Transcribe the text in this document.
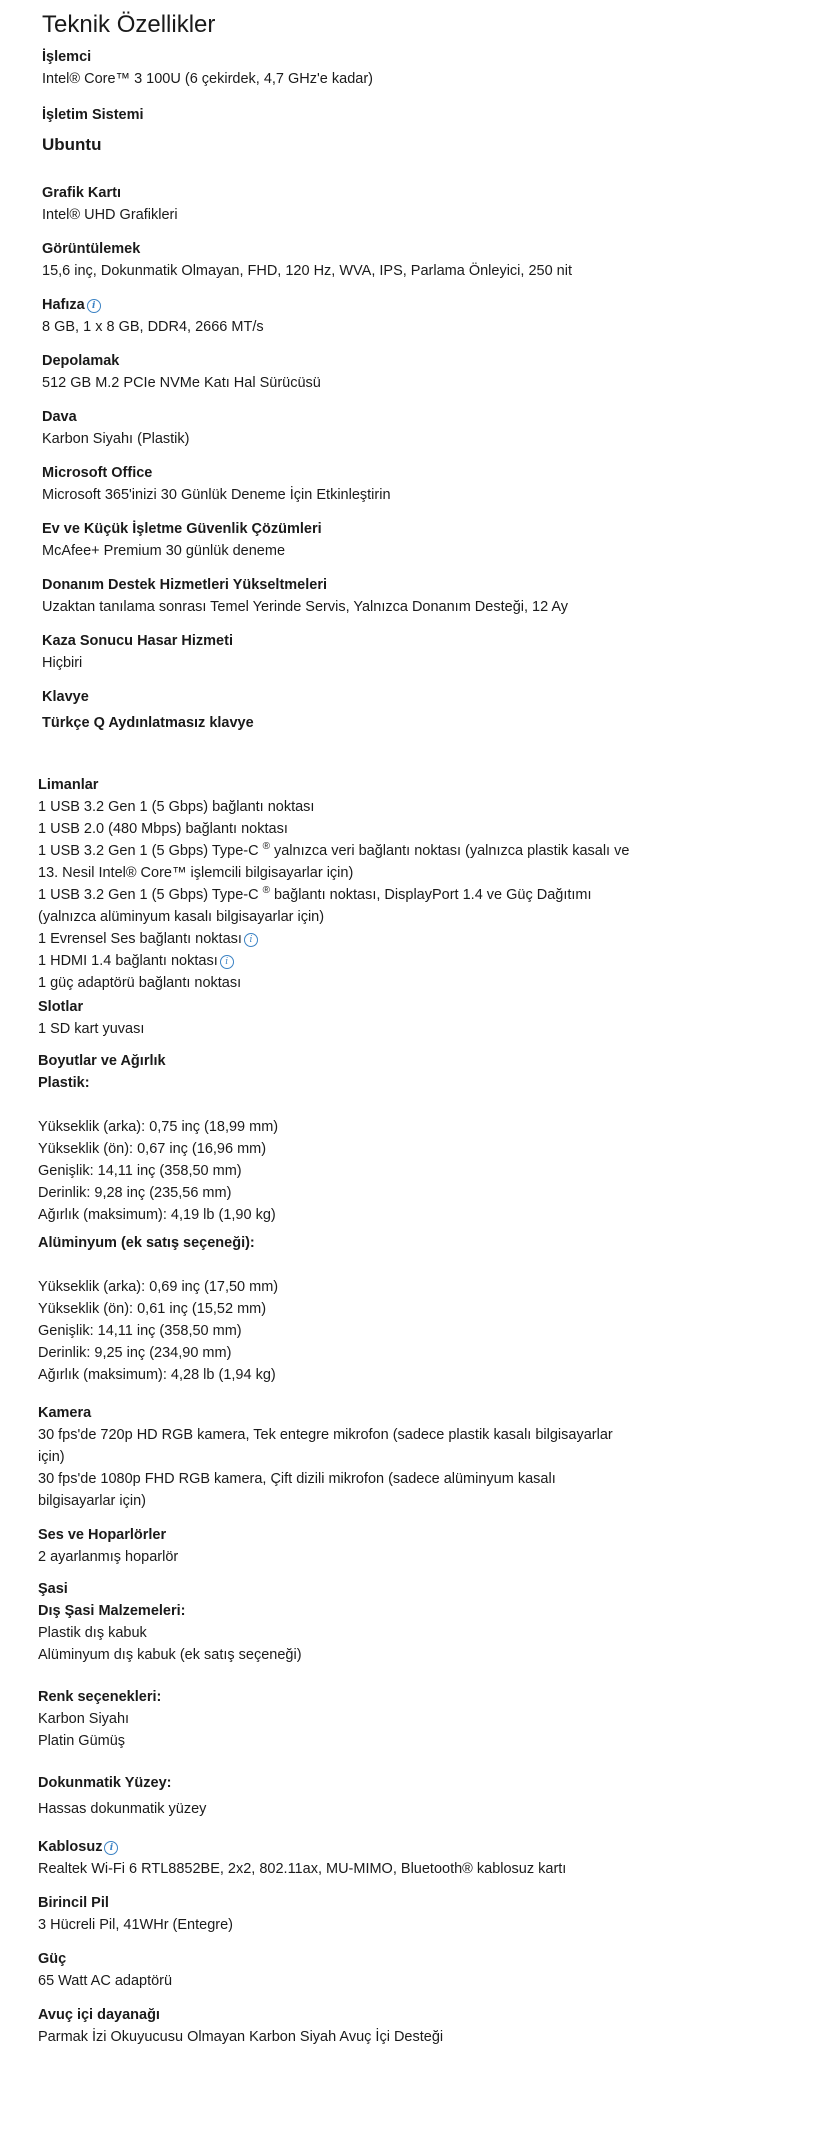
Teknik Özellikler
İşlemci
Intel® Core™ 3 100U (6 çekirdek, 4,7 GHz'e kadar)
İşletim Sistemi
Ubuntu
Grafik Kartı
Intel® UHD Grafikleri
Görüntülemek
15,6 inç, Dokunmatik Olmayan, FHD, 120 Hz, WVA, IPS, Parlama Önleyici, 250 nit
Hafıza i
8 GB, 1 x 8 GB, DDR4, 2666 MT/s
Depolamak
512 GB M.2 PCIe NVMe Katı Hal Sürücüsü
Dava
Karbon Siyahı (Plastik)
Microsoft Office
Microsoft 365'inizi 30 Günlük Deneme İçin Etkinleştirin
Ev ve Küçük İşletme Güvenlik Çözümleri
McAfee+ Premium 30 günlük deneme
Donanım Destek Hizmetleri Yükseltmeleri
Uzaktan tanılama sonrası Temel Yerinde Servis, Yalnızca Donanım Desteği, 12 Ay
Kaza Sonucu Hasar Hizmeti
Hiçbiri
Klavye
Türkçe Q Aydınlatmasız klavye
Limanlar
1 USB 3.2 Gen 1 (5 Gbps) bağlantı noktası
1 USB 2.0 (480 Mbps) bağlantı noktası
1 USB 3.2 Gen 1 (5 Gbps) Type-C ® yalnızca veri bağlantı noktası (yalnızca plastik kasalı ve
13. Nesil Intel® Core™ işlemcili bilgisayarlar için)
1 USB 3.2 Gen 1 (5 Gbps) Type-C ® bağlantı noktası, DisplayPort 1.4 ve Güç Dağıtımı
(yalnızca alüminyum kasalı bilgisayarlar için)
1 Evrensel Ses bağlantı noktası i
1 HDMI 1.4 bağlantı noktası i
1 güç adaptörü bağlantı noktası
Slotlar
1 SD kart yuvası
Boyutlar ve Ağırlık
Plastik:
Yükseklik (arka): 0,75 inç (18,99 mm)
Yükseklik (ön): 0,67 inç (16,96 mm)
Genişlik: 14,11 inç (358,50 mm)
Derinlik: 9,28 inç (235,56 mm)
Ağırlık (maksimum): 4,19 lb (1,90 kg)
Alüminyum (ek satış seçeneği):
Yükseklik (arka): 0,69 inç (17,50 mm)
Yükseklik (ön): 0,61 inç (15,52 mm)
Genişlik: 14,11 inç (358,50 mm)
Derinlik: 9,25 inç (234,90 mm)
Ağırlık (maksimum): 4,28 lb (1,94 kg)
Kamera
30 fps'de 720p HD RGB kamera, Tek entegre mikrofon (sadece plastik kasalı bilgisayarlar
için)
30 fps'de 1080p FHD RGB kamera, Çift dizili mikrofon (sadece alüminyum kasalı
bilgisayarlar için)
Ses ve Hoparlörler
2 ayarlanmış hoparlör
Şasi
Dış Şasi Malzemeleri:
Plastik dış kabuk
Alüminyum dış kabuk (ek satış seçeneği)
Renk seçenekleri:
Karbon Siyahı
Platin Gümüş
Dokunmatik Yüzey:
Hassas dokunmatik yüzey
Kablosuz i
Realtek Wi-Fi 6 RTL8852BE, 2x2, 802.11ax, MU-MIMO, Bluetooth® kablosuz kartı
Birincil Pil
3 Hücreli Pil, 41WHr (Entegre)
Güç
65 Watt AC adaptörü
Avuç içi dayanağı
Parmak İzi Okuyucusu Olmayan Karbon Siyah Avuç İçi Desteği
